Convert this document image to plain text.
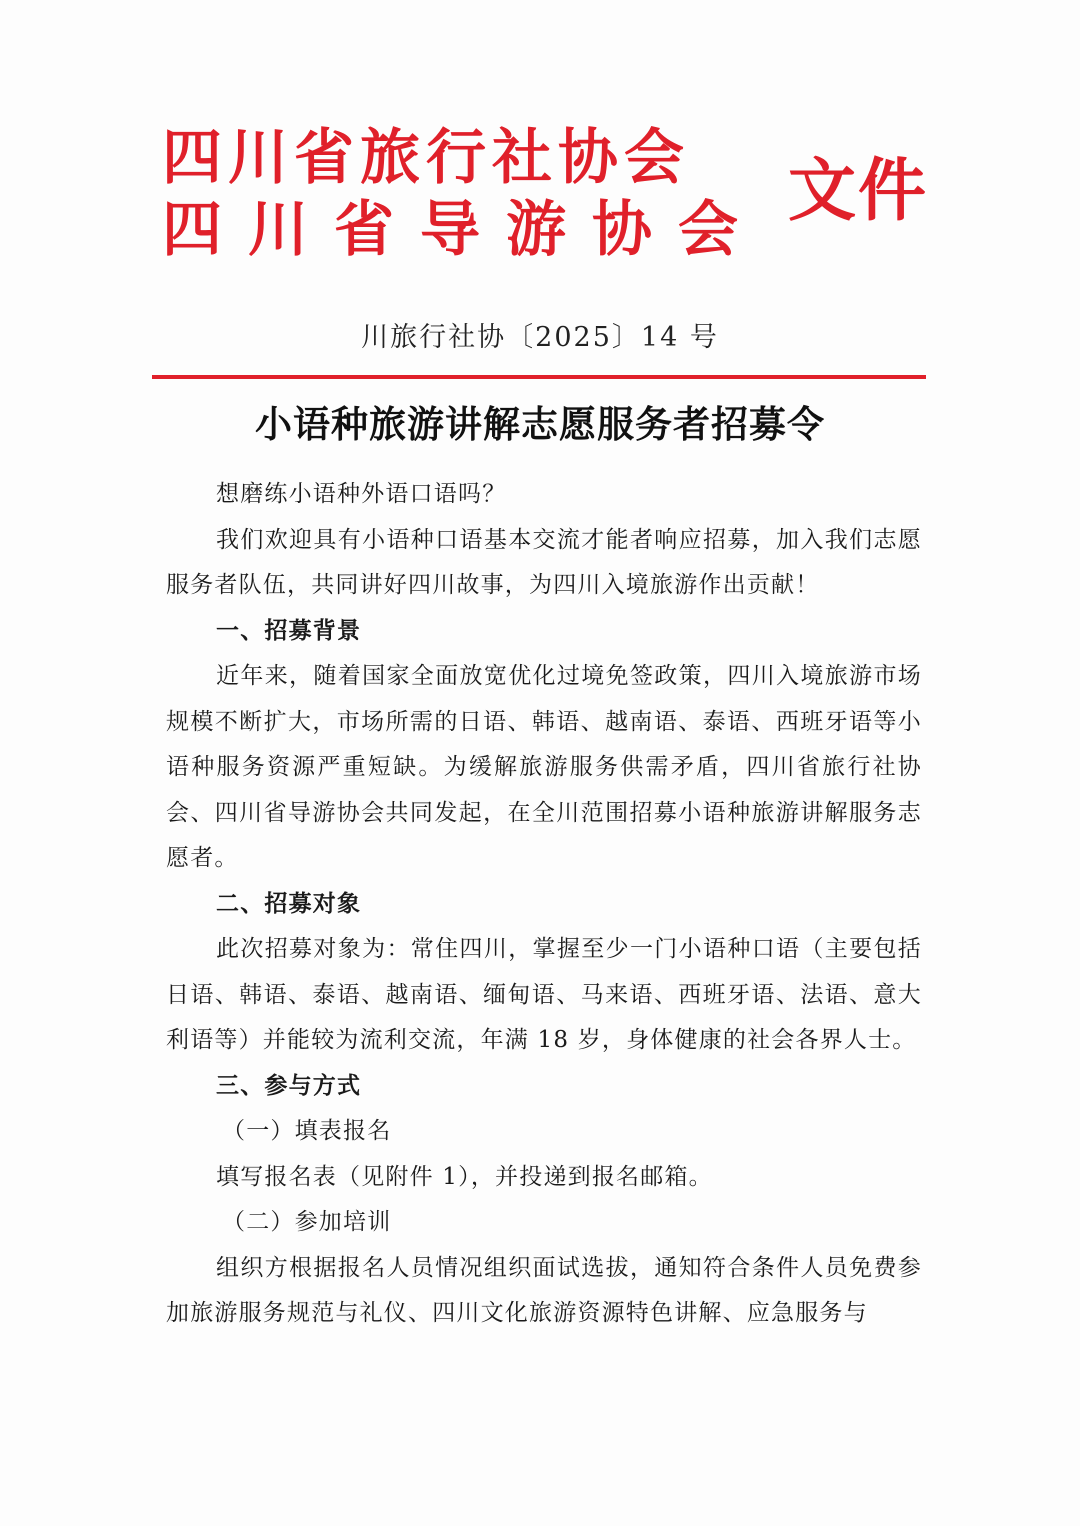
四川省旅行社协会
四川省导游协会 文件
川旅行社协〔2025〕14 号
小语种旅游讲解志愿服务者招募令

想磨练小语种外语口语吗？

我们欢迎具有小语种口语基本交流才能者响应招募，加入我们志愿服务者队伍，共同讲好四川故事，为四川入境旅游作出贡献！

一、招募背景

近年来，随着国家全面放宽优化过境免签政策，四川入境旅游市场规模不断扩大，市场所需的日语、韩语、越南语、泰语、西班牙语等小语种服务资源严重短缺。为缓解旅游服务供需矛盾，四川省旅行社协会、四川省导游协会共同发起，在全川范围招募小语种旅游讲解服务志愿者。

二、招募对象

此次招募对象为：常住四川，掌握至少一门小语种口语（主要包括日语、韩语、泰语、越南语、缅甸语、马来语、西班牙语、法语、意大利语等）并能较为流利交流，年满 18 岁，身体健康的社会各界人士。

三、参与方式
（一）填表报名

填写报名表（见附件 1），并投递到报名邮箱。

（二）参加培训

组织方根据报名人员情况组织面试选拔，通知符合条件人员免费参加旅游服务规范与礼仪、四川文化旅游资源特色讲解、应急服务与
